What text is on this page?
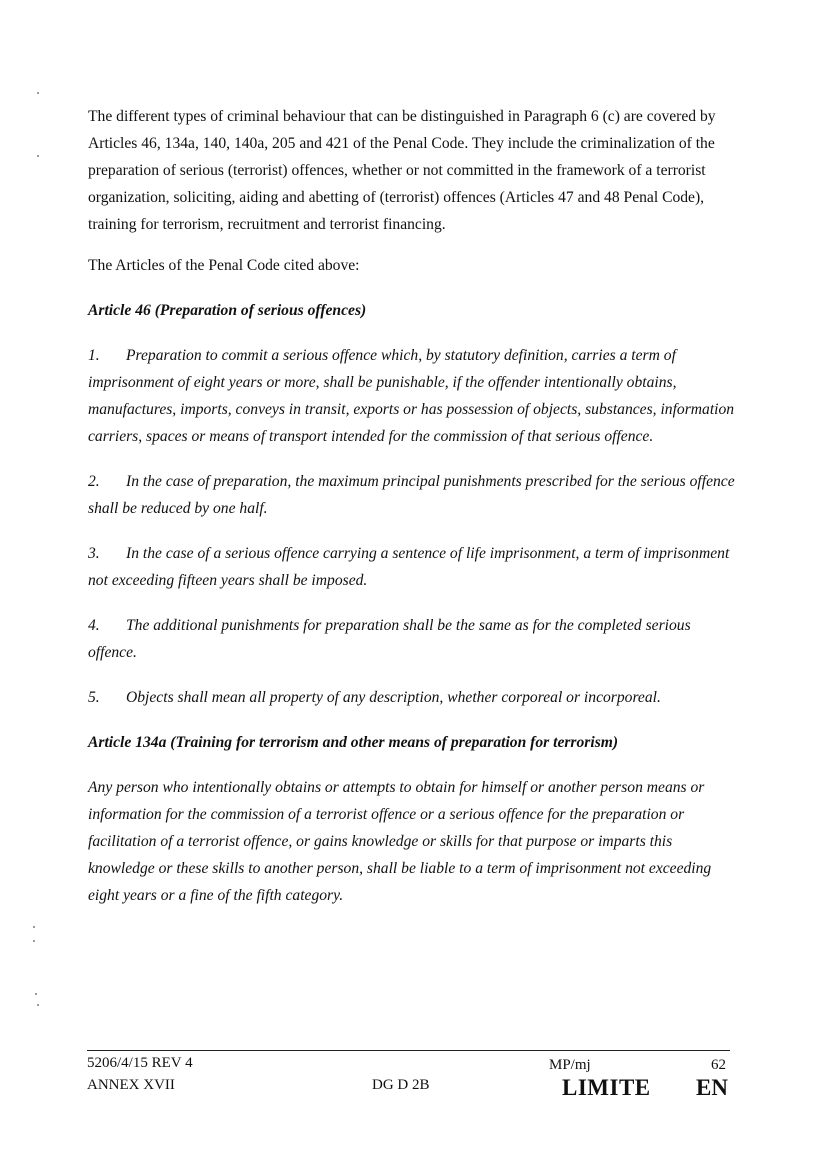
The different types of criminal behaviour that can be distinguished in Paragraph 6 (c) are covered by Articles 46, 134a, 140, 140a, 205 and 421 of the Penal Code. They include the criminalization of the preparation of serious (terrorist) offences, whether or not committed in the framework of a terrorist organization, soliciting, aiding and abetting of (terrorist) offences (Articles 47 and 48 Penal Code), training for terrorism, recruitment and terrorist financing.

The Articles of the Penal Code cited above:

Article 46 (Preparation of serious offences)

1. Preparation to commit a serious offence which, by statutory definition, carries a term of imprisonment of eight years or more, shall be punishable, if the offender intentionally obtains, manufactures, imports, conveys in transit, exports or has possession of objects, substances, information carriers, spaces or means of transport intended for the commission of that serious offence.

2. In the case of preparation, the maximum principal punishments prescribed for the serious offence shall be reduced by one half.

3. In the case of a serious offence carrying a sentence of life imprisonment, a term of imprisonment not exceeding fifteen years shall be imposed.

4. The additional punishments for preparation shall be the same as for the completed serious offence.

5. Objects shall mean all property of any description, whether corporeal or incorporeal.

Article 134a (Training for terrorism and other means of preparation for terrorism)

Any person who intentionally obtains or attempts to obtain for himself or another person means or information for the commission of a terrorist offence or a serious offence for the preparation or facilitation of a terrorist offence, or gains knowledge or skills for that purpose or imparts this knowledge or these skills to another person, shall be liable to a term of imprisonment not exceeding eight years or a fine of the fifth category.

5206/4/15 REV 4
ANNEX XVII	DG D 2B
MP/mj	62
LIMITE EN
